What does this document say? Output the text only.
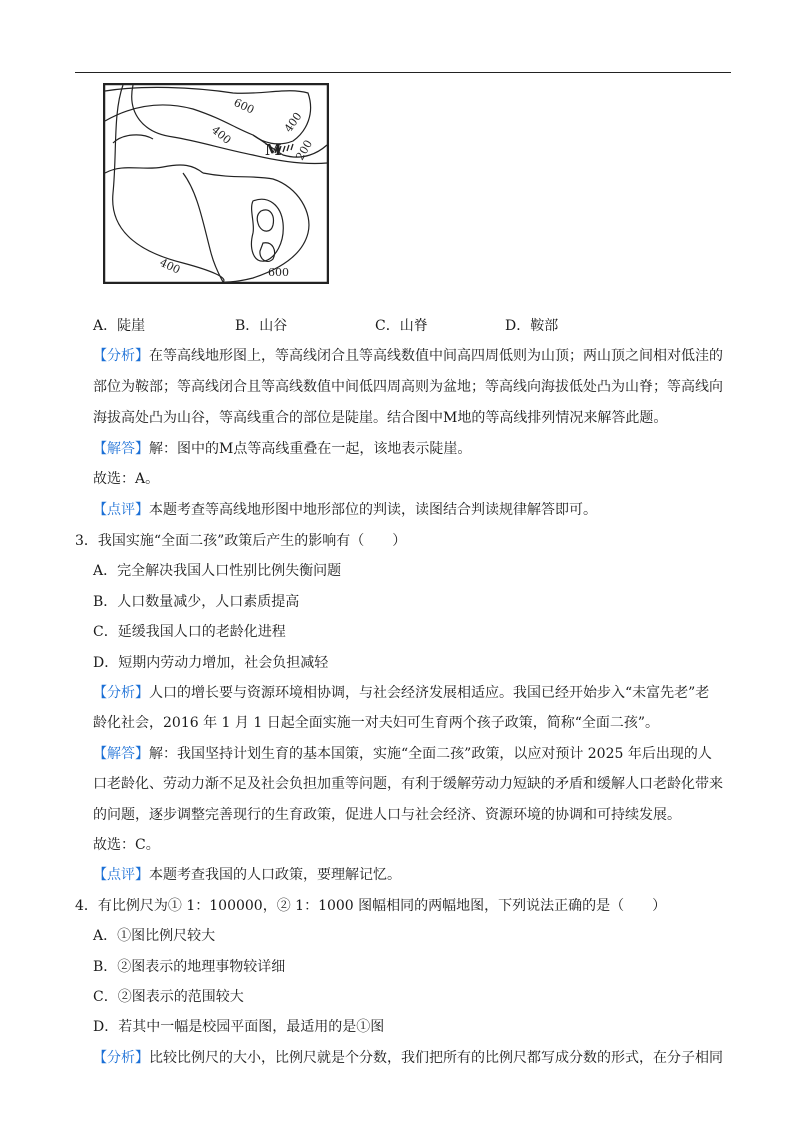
600
400
400
200
400	600
M
A．陡崖	B．山谷	C．山脊	D．鞍部
【分析】在等高线地形图上，等高线闭合且等高线数值中间高四周低则为山顶；两山顶之间相对低洼的
部位为鞍部；等高线闭合且等高线数值中间低四周高则为盆地；等高线向海拔低处凸为山脊；等高线向
海拔高处凸为山谷，等高线重合的部位是陡崖。结合图中M地的等高线排列情况来解答此题。
【解答】解：图中的M点等高线重叠在一起，该地表示陡崖。
故选：A。
【点评】本题考查等高线地形图中地形部位的判读，读图结合判读规律解答即可。
3．我国实施“全面二孩”政策后产生的影响有（　　）
A．完全解决我国人口性别比例失衡问题
B．人口数量减少，人口素质提高
C．延缓我国人口的老龄化进程
D．短期内劳动力增加，社会负担减轻
【分析】人口的增长要与资源环境相协调，与社会经济发展相适应。我国已经开始步入“未富先老”老
龄化社会，2016 年 1 月 1 日起全面实施一对夫妇可生育两个孩子政策，简称“全面二孩”。
【解答】解：我国坚持计划生育的基本国策，实施“全面二孩”政策，以应对预计 2025 年后出现的人
口老龄化、劳动力渐不足及社会负担加重等问题，有利于缓解劳动力短缺的矛盾和缓解人口老龄化带来
的问题，逐步调整完善现行的生育政策，促进人口与社会经济、资源环境的协调和可持续发展。
故选：C。
【点评】本题考查我国的人口政策，要理解记忆。
4．有比例尺为① 1：100000，② 1：1000 图幅相同的两幅地图，下列说法正确的是（　　）
A．①图比例尺较大
B．②图表示的地理事物较详细
C．②图表示的范围较大
D．若其中一幅是校园平面图，最适用的是①图
【分析】比较比例尺的大小，比例尺就是个分数，我们把所有的比例尺都写成分数的形式，在分子相同
